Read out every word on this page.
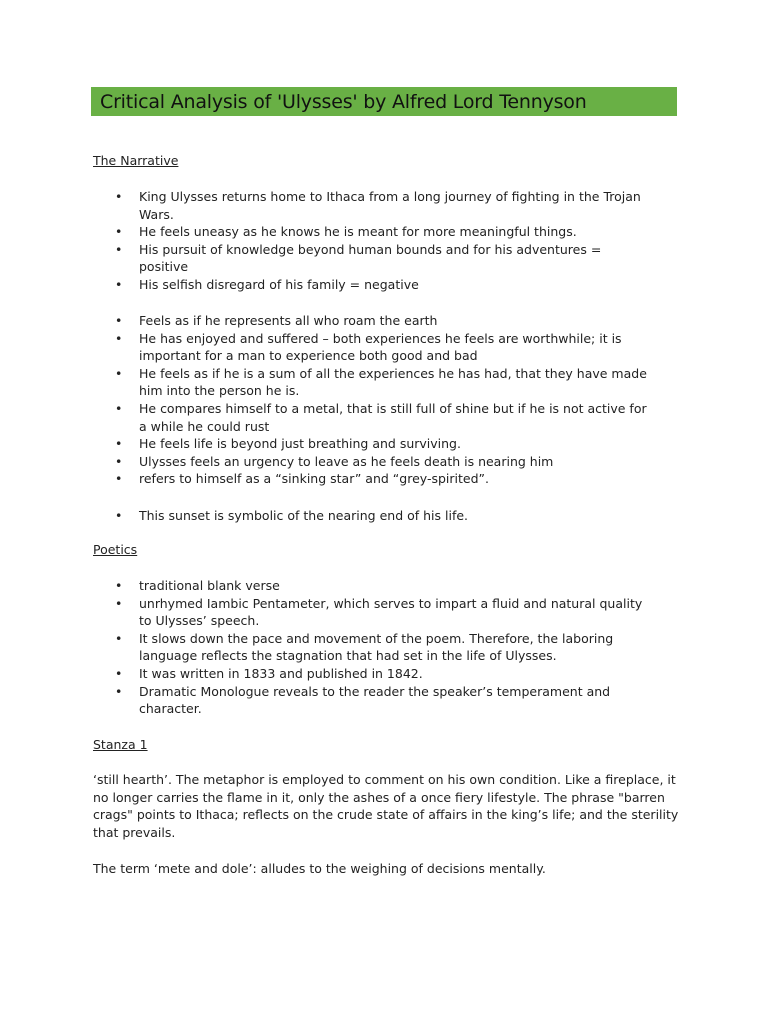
Critical Analysis of 'Ulysses' by Alfred Lord Tennyson
The Narrative
• King Ulysses returns home to Ithaca from a long journey of fighting in the Trojan Wars.
• He feels uneasy as he knows he is meant for more meaningful things.
• His pursuit of knowledge beyond human bounds and for his adventures = positive
• His selfish disregard of his family = negative
• Feels as if he represents all who roam the earth
• He has enjoyed and suffered – both experiences he feels are worthwhile; it is important for a man to experience both good and bad
• He feels as if he is a sum of all the experiences he has had, that they have made him into the person he is.
• He compares himself to a metal, that is still full of shine but if he is not active for a while he could rust
• He feels life is beyond just breathing and surviving.
• Ulysses feels an urgency to leave as he feels death is nearing him
• refers to himself as a “sinking star” and “grey-spirited”.
• This sunset is symbolic of the nearing end of his life.
Poetics
• traditional blank verse
• unrhymed Iambic Pentameter, which serves to impart a fluid and natural quality to Ulysses’ speech.
• It slows down the pace and movement of the poem. Therefore, the laboring language reflects the stagnation that had set in the life of Ulysses.
• It was written in 1833 and published in 1842.
• Dramatic Monologue reveals to the reader the speaker’s temperament and character.
Stanza 1

‘still hearth’. The metaphor is employed to comment on his own condition. Like a fireplace, it no longer carries the flame in it, only the ashes of a once fiery lifestyle. The phrase "barren crags" points to Ithaca; reflects on the crude state of affairs in the king’s life; and the sterility that prevails.

The term ‘mete and dole’: alludes to the weighing of decisions mentally.
